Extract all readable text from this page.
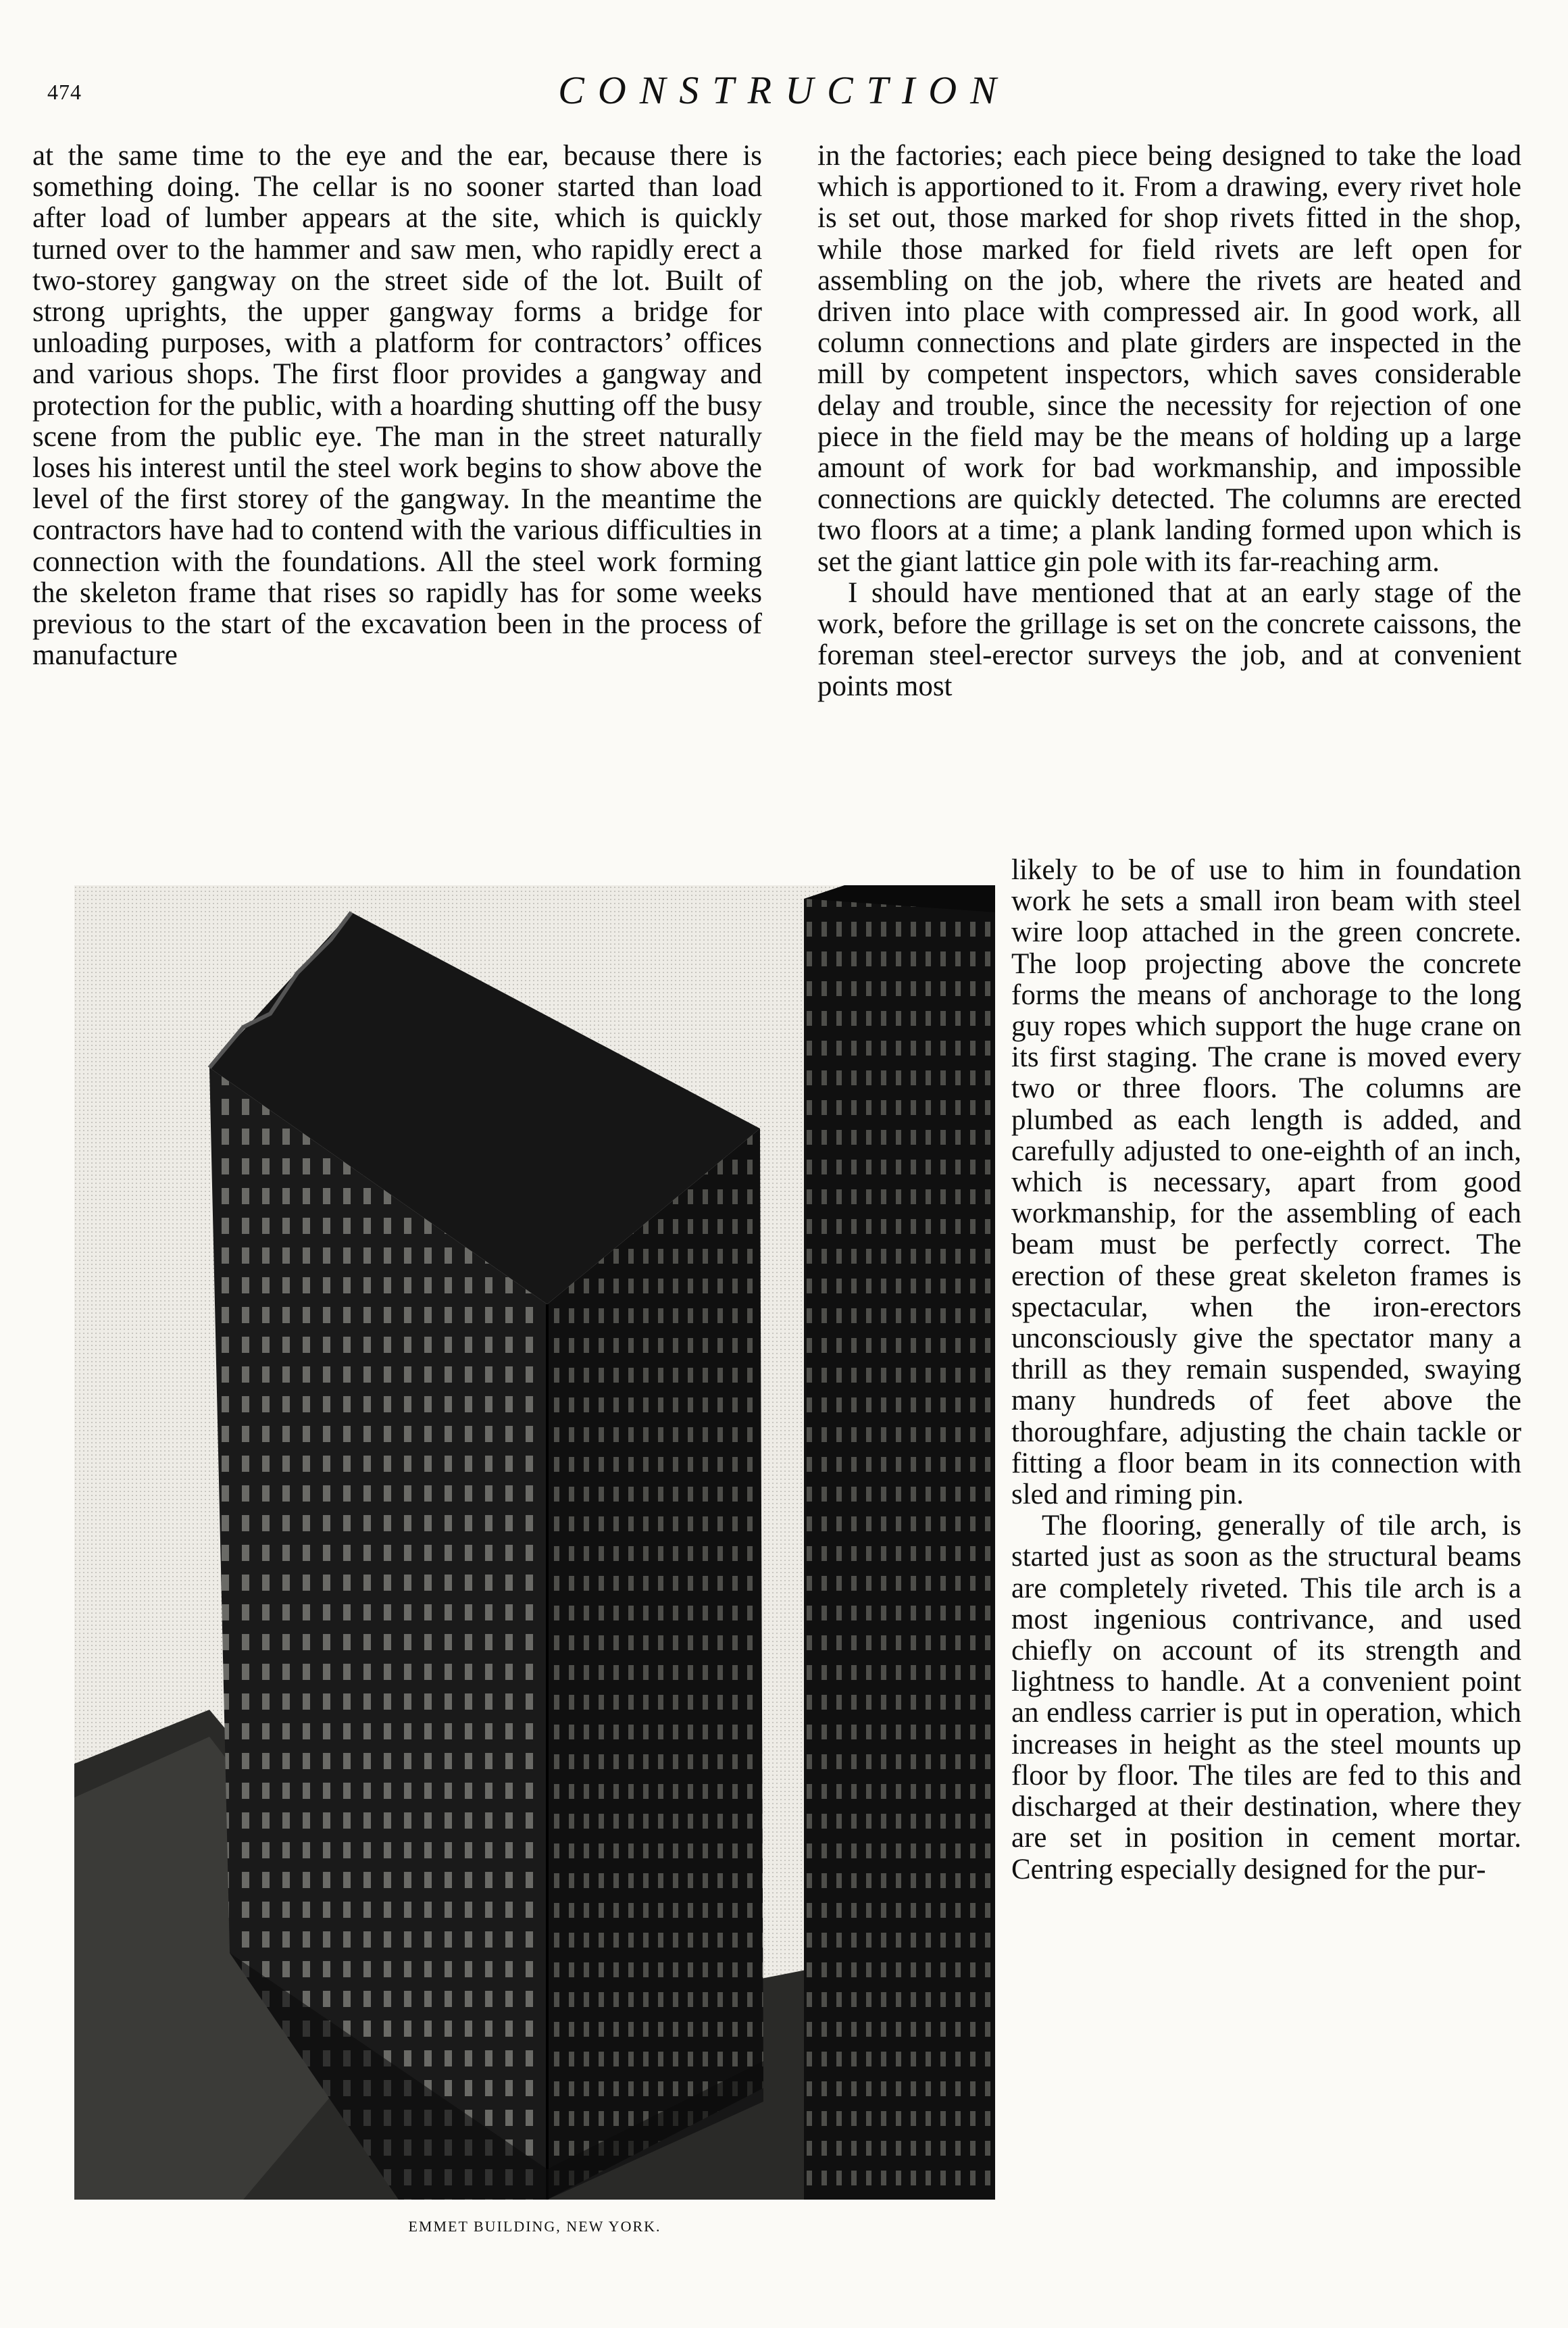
474	CONSTRUCTION

at the same time to the eye and the ear, because there is something doing. The cellar is no sooner started than load after load of lumber appears at the site, which is quickly turned over to the hammer and saw men, who rapidly erect a two-storey gangway on the street side of the lot. Built of strong uprights, the upper gangway forms a bridge for unloading purposes, with a platform for contractors’ offices and various shops. The first floor provides a gangway and protection for the public, with a hoarding shutting off the busy scene from the public eye. The man in the street naturally loses his interest until the steel work begins to show above the level of the first storey of the gangway. In the meantime the contractors have had to contend with the various difficulties in connection with the foundations. All the steel work forming the skeleton frame that rises so rapidly has for some weeks previous to the start of the excavation been in the process of manufacture

in the factories; each piece being designed to take the load which is apportioned to it. From a drawing, every rivet hole is set out, those marked for shop rivets fitted in the shop, while those marked for field rivets are left open for assembling on the job, where the rivets are heated and driven into place with compressed air. In good work, all column connections and plate girders are inspected in the mill by competent inspectors, which saves considerable delay and trouble, since the necessity for rejection of one piece in the field may be the means of holding up a large amount of work for bad workmanship, and impossible connections are quickly detected. The columns are erected two floors at a time; a plank landing formed upon which is set the giant lattice gin pole with its far-reaching arm.

I should have mentioned that at an early stage of the work, before the grillage is set on the concrete caissons, the foreman steel-erector surveys the job, and at convenient points most

likely to be of use to him in foundation work he sets a small iron beam with steel wire loop attached in the green concrete. The loop projecting above the concrete forms the means of anchorage to the long guy ropes which support the huge crane on its first staging. The crane is moved every two or three floors. The columns are plumbed as each length is added, and carefully adjusted to one-eighth of an inch, which is necessary, apart from good workmanship, for the assembling of each beam must be perfectly correct. The erection of these great skeleton frames is spectacular, when the iron-erectors unconsciously give the spectator many a thrill as they remain suspended, swaying many hundreds of feet above the thoroughfare, adjusting the chain tackle or fitting a floor beam in its connection with sled and riming pin.

The flooring, generally of tile arch, is started just as soon as the structural beams are completely riveted. This tile arch is a most ingenious contrivance, and used chiefly on account of its strength and lightness to handle. At a convenient point an endless carrier is put in operation, which increases in height as the steel mounts up floor by floor. The tiles are fed to this and discharged at their destination, where they are set in position in cement mortar. Centring especially designed for the pur-

EMMET BUILDING, NEW YORK.
